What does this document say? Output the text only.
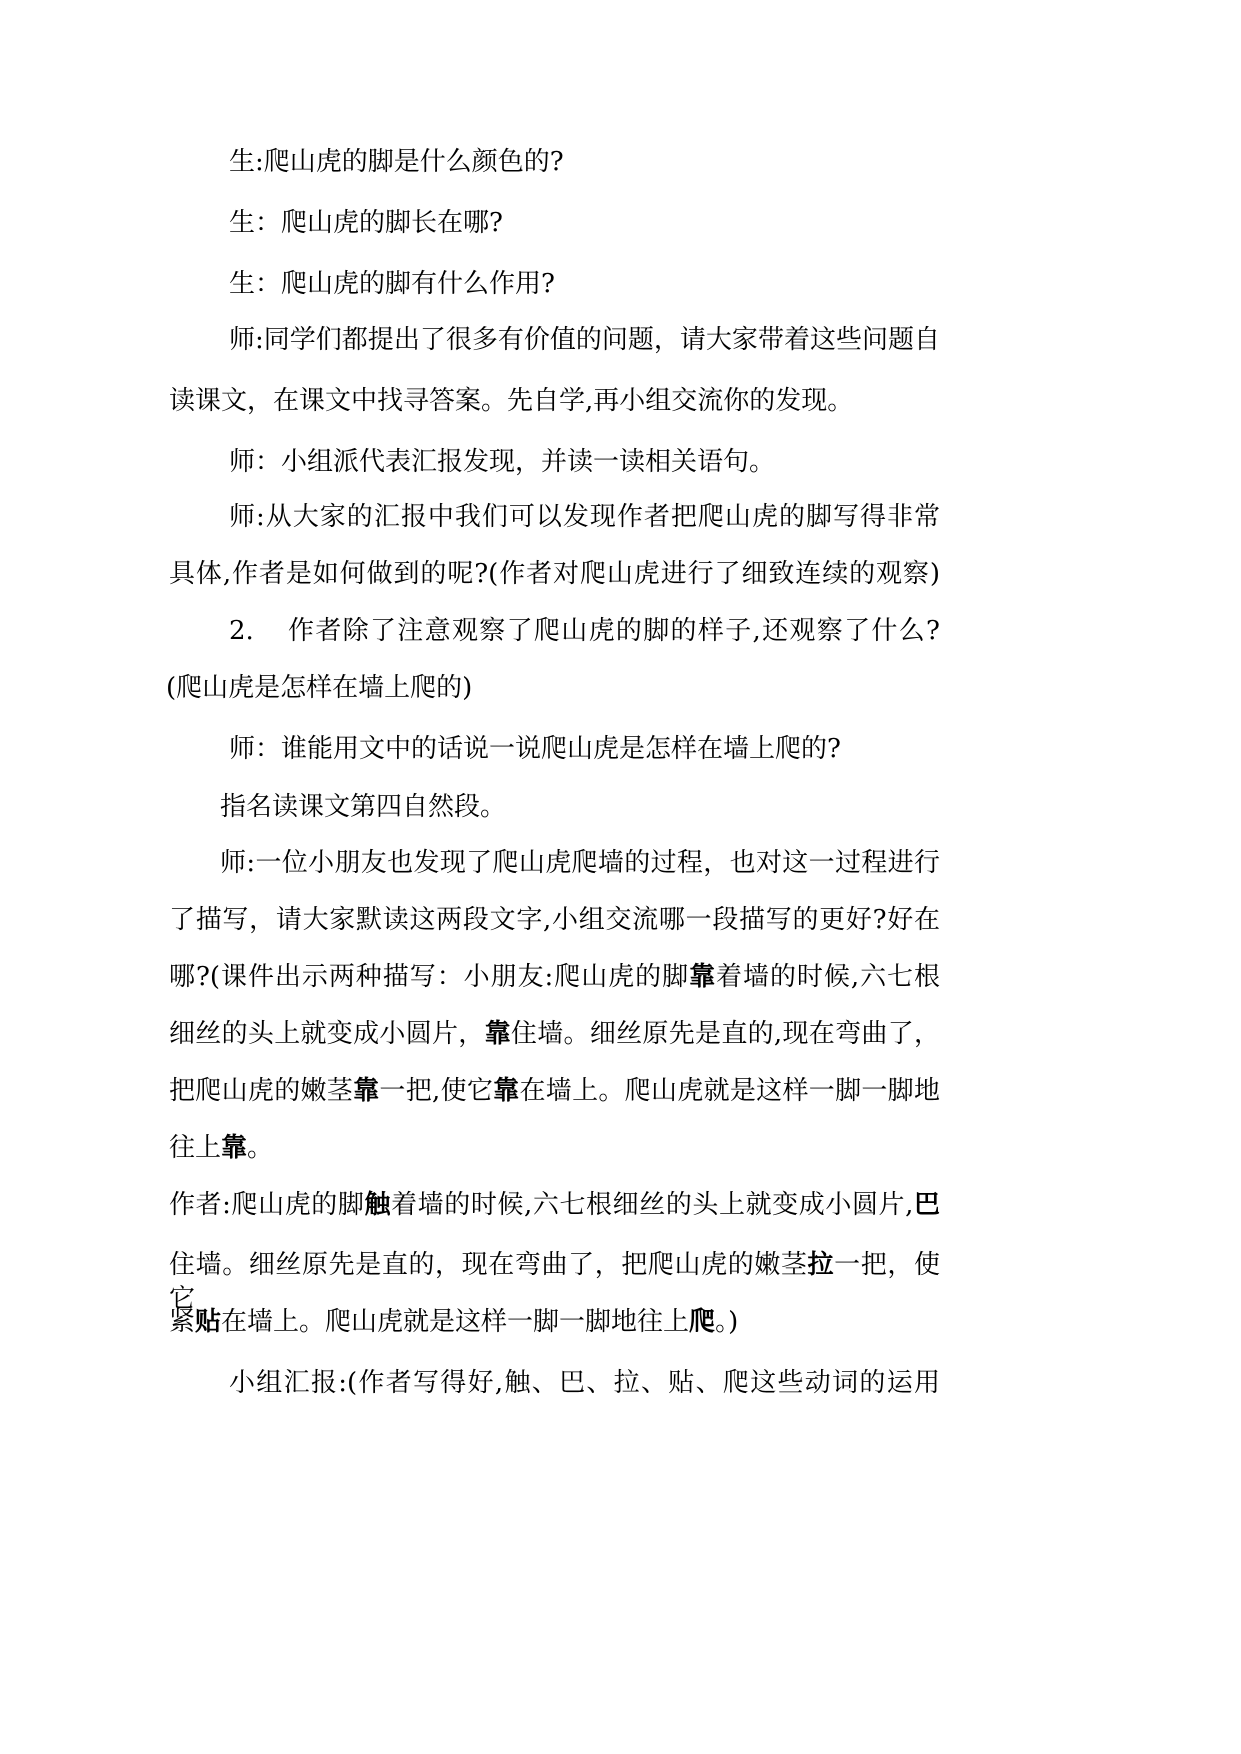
生:爬山虎的脚是什么颜色的?

生：爬山虎的脚长在哪?

生：爬山虎的脚有什么作用?

师:同学们都提出了很多有价值的问题，请大家带着这些问题自

读课文，在课文中找寻答案。先自学,再小组交流你的发现。

师：小组派代表汇报发现，并读一读相关语句。

师:从大家的汇报中我们可以发现作者把爬山虎的脚写得非常

具体,作者是如何做到的呢?(作者对爬山虎进行了细致连续的观察)

2. 作者除了注意观察了爬山虎的脚的样子,还观察了什么?

(爬山虎是怎样在墙上爬的)

师：谁能用文中的话说一说爬山虎是怎样在墙上爬的?

指名读课文第四自然段。

师:一位小朋友也发现了爬山虎爬墙的过程，也对这一过程进行

了描写，请大家默读这两段文字,小组交流哪一段描写的更好?好在

哪?(课件出示两种描写：小朋友:爬山虎的脚靠着墙的时候,六七根

细丝的头上就变成小圆片，靠住墙。细丝原先是直的,现在弯曲了，

把爬山虎的嫩茎靠一把,使它靠在墙上。爬山虎就是这样一脚一脚地

往上靠。

作者:爬山虎的脚触着墙的时候,六七根细丝的头上就变成小圆片,巴

住墙。细丝原先是直的，现在弯曲了，把爬山虎的嫩茎拉一把，使它

紧贴在墙上。爬山虎就是这样一脚一脚地往上爬。)

小组汇报:(作者写得好,触、巴、拉、贴、爬这些动词的运用
